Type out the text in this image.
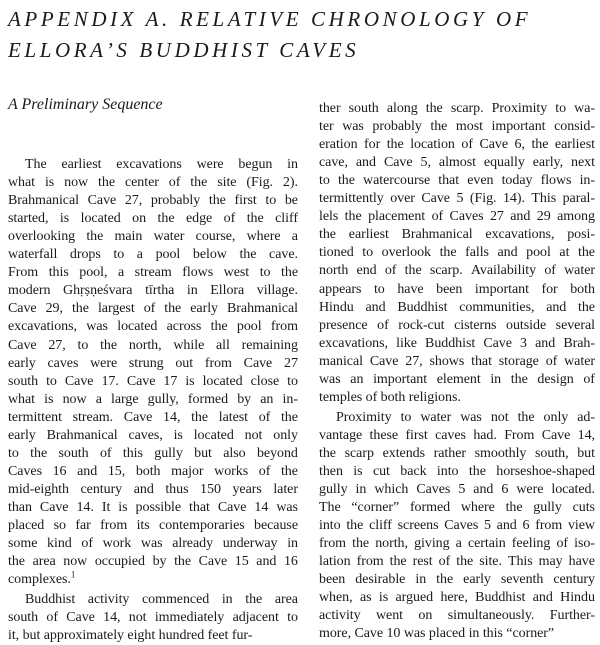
APPENDIX A. RELATIVE CHRONOLOGY OF
ELLORA’S BUDDHIST CAVES
A Preliminary Sequence
The earliest excavations were begun in
what is now the center of the site (Fig. 2).
Brahmanical Cave 27, probably the first to be
started, is located on the edge of the cliff
overlooking the main water course, where a
waterfall drops to a pool below the cave.
From this pool, a stream flows west to the
modern Ghṛṣṇeśvara tīrtha in Ellora village.
Cave 29, the largest of the early Brahmanical
excavations, was located across the pool from
Cave 27, to the north, while all remaining
early caves were strung out from Cave 27
south to Cave 17. Cave 17 is located close to
what is now a large gully, formed by an in-
termittent stream. Cave 14, the latest of the
early Brahmanical caves, is located not only
to the south of this gully but also beyond
Caves 16 and 15, both major works of the
mid-eighth century and thus 150 years later
than Cave 14. It is possible that Cave 14 was
placed so far from its contemporaries because
some kind of work was already underway in
the area now occupied by the Cave 15 and 16
complexes.$^1$
Buddhist activity commenced in the area
south of Cave 14, not immediately adjacent to
it, but approximately eight hundred feet fur-
ther south along the scarp. Proximity to wa-
ter was probably the most important consid-
eration for the location of Cave 6, the earliest
cave, and Cave 5, almost equally early, next
to the watercourse that even today flows in-
termittently over Cave 5 (Fig. 14). This paral-
lels the placement of Caves 27 and 29 among
the earliest Brahmanical excavations, posi-
tioned to overlook the falls and pool at the
north end of the scarp. Availability of water
appears to have been important for both
Hindu and Buddhist communities, and the
presence of rock-cut cisterns outside several
excavations, like Buddhist Cave 3 and Brah-
manical Cave 27, shows that storage of water
was an important element in the design of
temples of both religions.
Proximity to water was not the only ad-
vantage these first caves had. From Cave 14,
the scarp extends rather smoothly south, but
then is cut back into the horseshoe-shaped
gully in which Caves 5 and 6 were located.
The “corner” formed where the gully cuts
into the cliff screens Caves 5 and 6 from view
from the north, giving a certain feeling of iso-
lation from the rest of the site. This may have
been desirable in the early seventh century
when, as is argued here, Buddhist and Hindu
activity went on simultaneously. Further-
more, Cave 10 was placed in this “corner”
